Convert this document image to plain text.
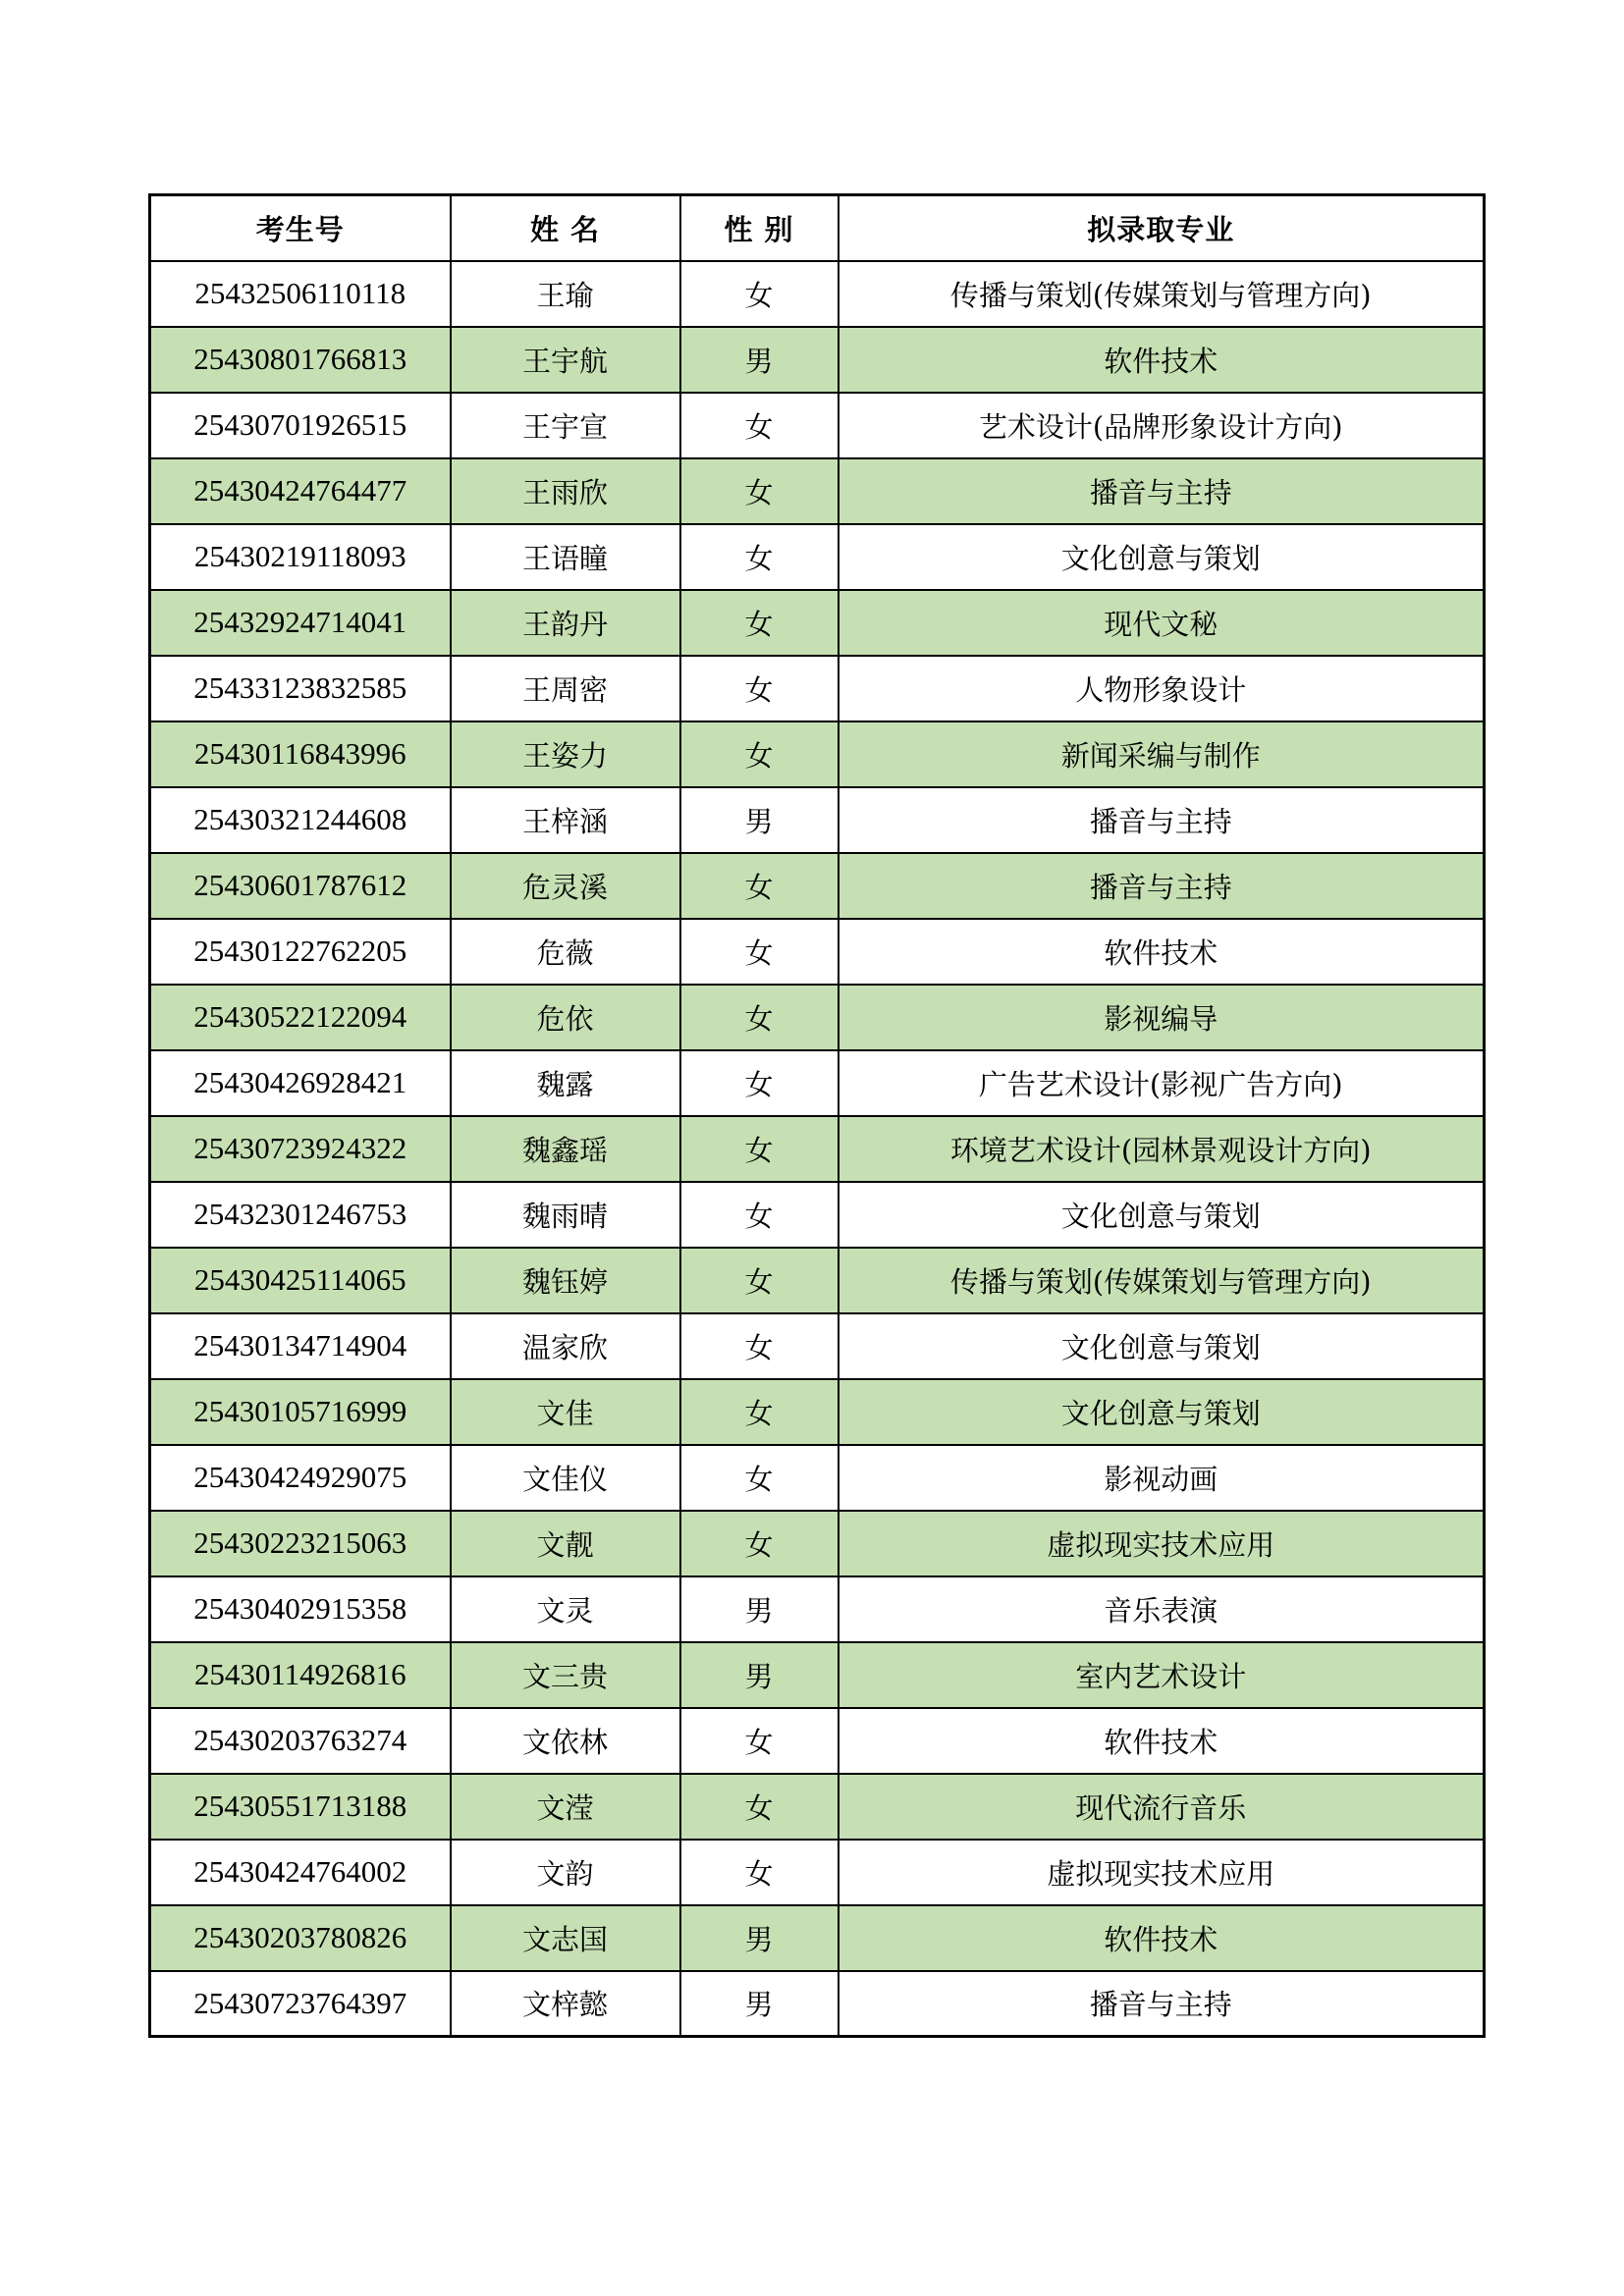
考生号	姓 名	性 别	拟录取专业
25432506110118	王瑜	女	传播与策划(传媒策划与管理方向)
25430801766813	王宇航	男	软件技术
25430701926515	王宇宣	女	艺术设计(品牌形象设计方向)
25430424764477	王雨欣	女	播音与主持
25430219118093	王语瞳	女	文化创意与策划
25432924714041	王韵丹	女	现代文秘
25433123832585	王周密	女	人物形象设计
25430116843996	王姿力	女	新闻采编与制作
25430321244608	王梓涵	男	播音与主持
25430601787612	危灵溪	女	播音与主持
25430122762205	危薇	女	软件技术
25430522122094	危依	女	影视编导
25430426928421	魏露	女	广告艺术设计(影视广告方向)
25430723924322	魏鑫瑶	女	环境艺术设计(园林景观设计方向)
25432301246753	魏雨晴	女	文化创意与策划
25430425114065	魏钰婷	女	传播与策划(传媒策划与管理方向)
25430134714904	温家欣	女	文化创意与策划
25430105716999	文佳	女	文化创意与策划
25430424929075	文佳仪	女	影视动画
25430223215063	文靓	女	虚拟现实技术应用
25430402915358	文灵	男	音乐表演
25430114926816	文三贵	男	室内艺术设计
25430203763274	文依林	女	软件技术
25430551713188	文滢	女	现代流行音乐
25430424764002	文韵	女	虚拟现实技术应用
25430203780826	文志国	男	软件技术
25430723764397	文梓懿	男	播音与主持
